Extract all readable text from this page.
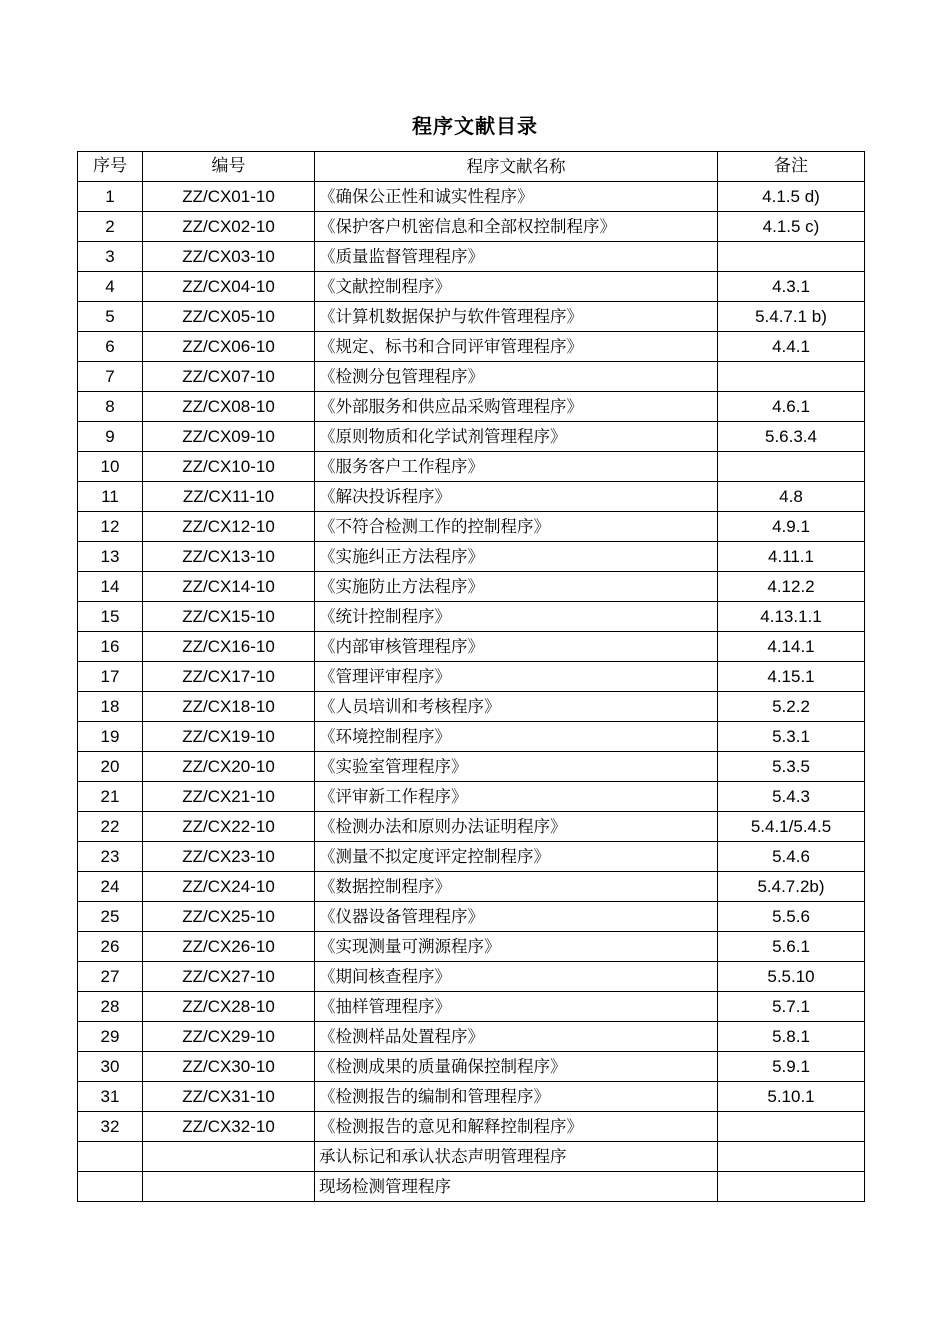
程序文献目录
序号	编号	程序文献名称	备注
1	ZZ/CX01-10	《确保公正性和诚实性程序》	4.1.5 d)
2	ZZ/CX02-10	《保护客户机密信息和全部权控制程序》	4.1.5 c)
3	ZZ/CX03-10	《质量监督管理程序》	
4	ZZ/CX04-10	《文献控制程序》	4.3.1
5	ZZ/CX05-10	《计算机数据保护与软件管理程序》	5.4.7.1 b)
6	ZZ/CX06-10	《规定、标书和合同评审管理程序》	4.4.1
7	ZZ/CX07-10	《检测分包管理程序》	
8	ZZ/CX08-10	《外部服务和供应品采购管理程序》	4.6.1
9	ZZ/CX09-10	《原则物质和化学试剂管理程序》	5.6.3.4
10	ZZ/CX10-10	《服务客户工作程序》	
11	ZZ/CX11-10	《解决投诉程序》	4.8
12	ZZ/CX12-10	《不符合检测工作的控制程序》	4.9.1
13	ZZ/CX13-10	《实施纠正方法程序》	4.11.1
14	ZZ/CX14-10	《实施防止方法程序》	4.12.2
15	ZZ/CX15-10	《统计控制程序》	4.13.1.1
16	ZZ/CX16-10	《内部审核管理程序》	4.14.1
17	ZZ/CX17-10	《管理评审程序》	4.15.1
18	ZZ/CX18-10	《人员培训和考核程序》	5.2.2
19	ZZ/CX19-10	《环境控制程序》	5.3.1
20	ZZ/CX20-10	《实验室管理程序》	5.3.5
21	ZZ/CX21-10	《评审新工作程序》	5.4.3
22	ZZ/CX22-10	《检测办法和原则办法证明程序》	5.4.1/5.4.5
23	ZZ/CX23-10	《测量不拟定度评定控制程序》	5.4.6
24	ZZ/CX24-10	《数据控制程序》	5.4.7.2b)
25	ZZ/CX25-10	《仪器设备管理程序》	5.5.6
26	ZZ/CX26-10	《实现测量可溯源程序》	5.6.1
27	ZZ/CX27-10	《期间核查程序》	5.5.10
28	ZZ/CX28-10	《抽样管理程序》	5.7.1
29	ZZ/CX29-10	《检测样品处置程序》	5.8.1
30	ZZ/CX30-10	《检测成果的质量确保控制程序》	5.9.1
31	ZZ/CX31-10	《检测报告的编制和管理程序》	5.10.1
32	ZZ/CX32-10	《检测报告的意见和解释控制程序》	
		承认标记和承认状态声明管理程序	
		现场检测管理程序	
